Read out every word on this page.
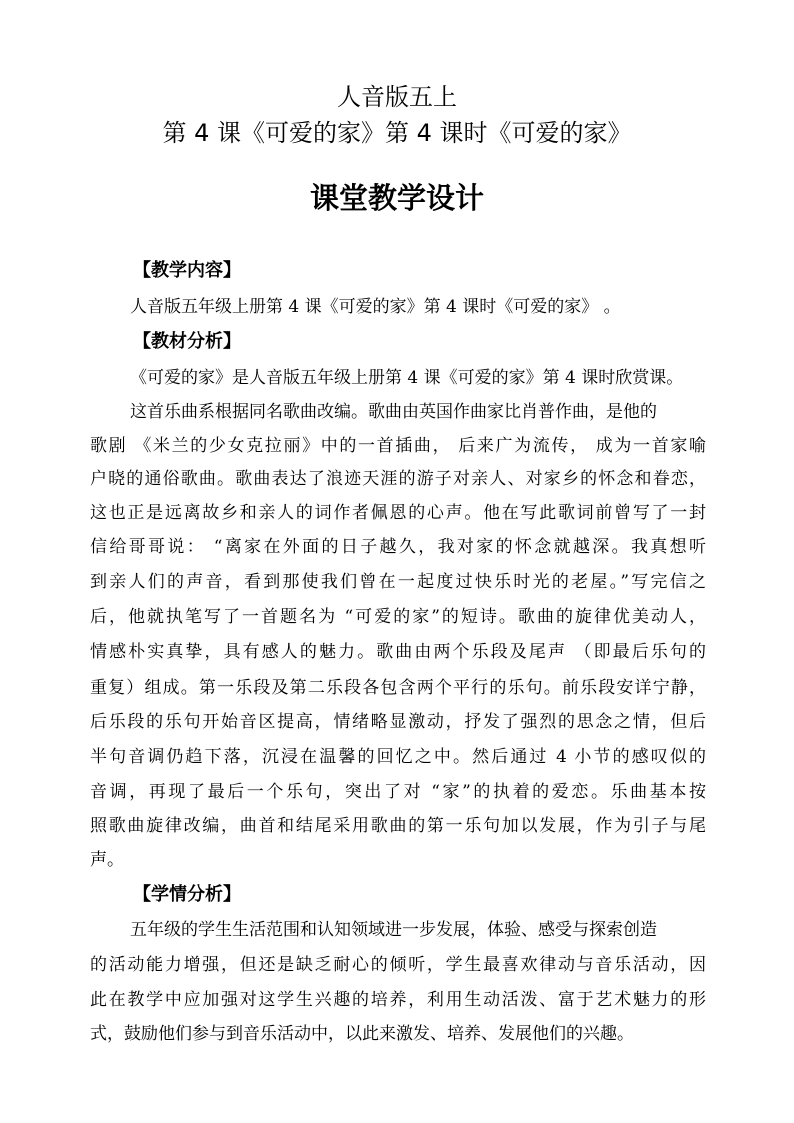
人音版五上
第 4 课《可爱的家》第 4 课时《可爱的家》
课堂教学设计
【教学内容】
人音版五年级上册第 4 课《可爱的家》第 4 课时《可爱的家》 。
【教材分析】
《可爱的家》是人音版五年级上册第 4 课《可爱的家》第 4 课时欣赏课。
这首乐曲系根据同名歌曲改编。歌曲由英国作曲家比肖普作曲，是他的
歌剧 《米兰的少女克拉丽》中的一首插曲， 后来广为流传， 成为一首家喻
户晓的通俗歌曲。歌曲表达了浪迹天涯的游子对亲人、对家乡的怀念和眷恋，
这也正是远离故乡和亲人的词作者佩恩的心声。他在写此歌词前曾写了一封
信给哥哥说： “离家在外面的日子越久，我对家的怀念就越深。我真想听
到亲人们的声音，看到那使我们曾在一起度过快乐时光的老屋。”写完信之
后，他就执笔写了一首题名为 “可爱的家”的短诗。歌曲的旋律优美动人，
情感朴实真挚，具有感人的魅力。歌曲由两个乐段及尾声 （即最后乐句的
重复）组成。第一乐段及第二乐段各包含两个平行的乐句。前乐段安详宁静，
后乐段的乐句开始音区提高，情绪略显激动，抒发了强烈的思念之情，但后
半句音调仍趋下落，沉浸在温馨的回忆之中。然后通过 4 小节的感叹似的
音调，再现了最后一个乐句，突出了对 “家”的执着的爱恋。乐曲基本按
照歌曲旋律改编，曲首和结尾采用歌曲的第一乐句加以发展，作为引子与尾
声。
【学情分析】
五年级的学生生活范围和认知领域进一步发展，体验、感受与探索创造
的活动能力增强，但还是缺乏耐心的倾听，学生最喜欢律动与音乐活动，因
此在教学中应加强对这学生兴趣的培养，利用生动活泼、富于艺术魅力的形
式，鼓励他们参与到音乐活动中，以此来激发、培养、发展他们的兴趣。
